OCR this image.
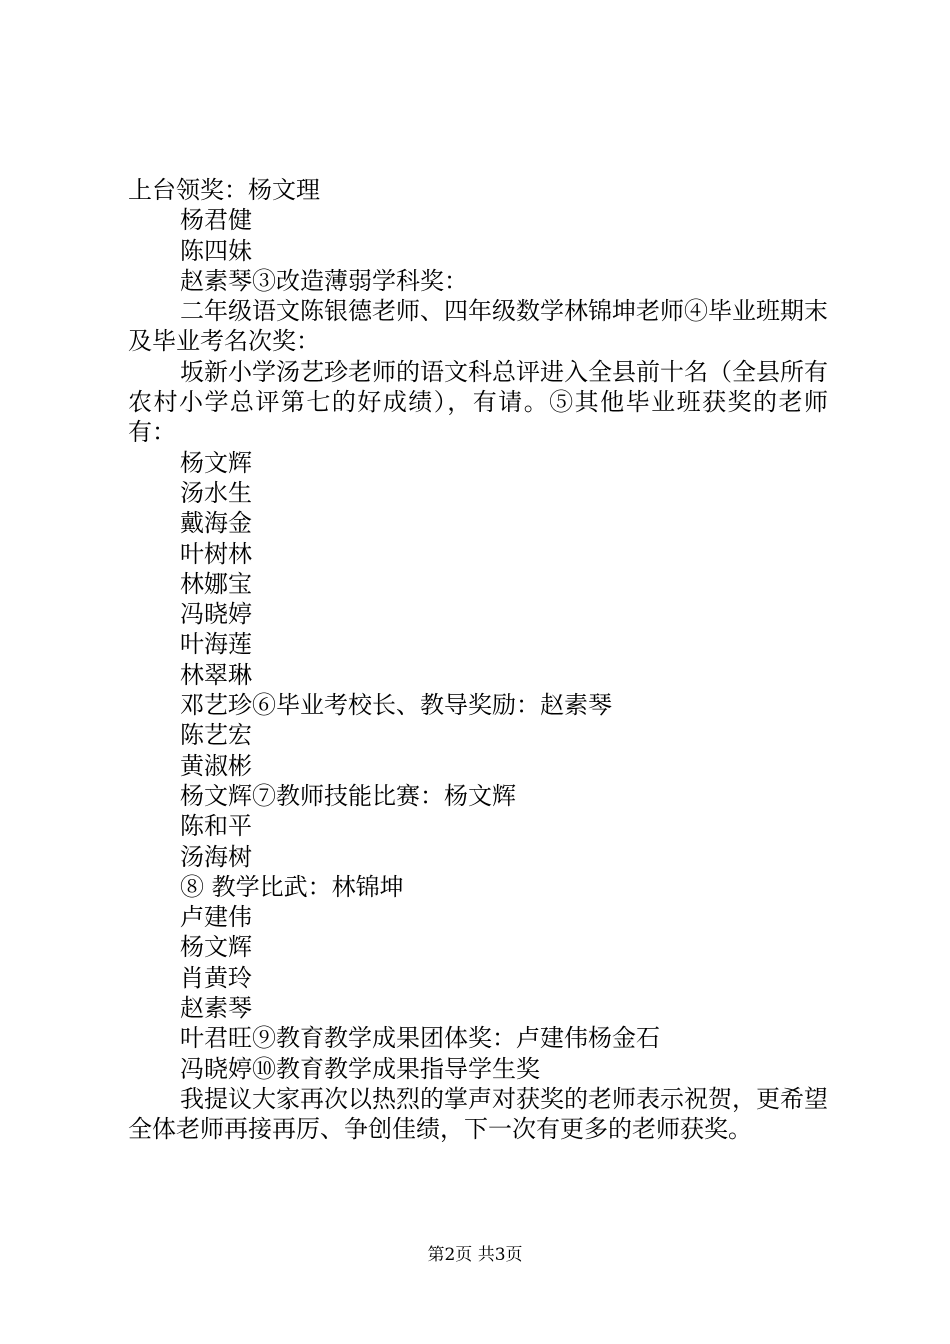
上台领奖：杨文理
杨君健
陈四妹
赵素琴③改造薄弱学科奖：
二年级语文陈银德老师、四年级数学林锦坤老师④毕业班期末及毕业考名次奖：
坂新小学汤艺珍老师的语文科总评进入全县前十名（全县所有农村小学总评第七的好成绩），有请。⑤其他毕业班获奖的老师有：
杨文辉
汤水生
戴海金
叶树林
林娜宝
冯晓婷
叶海莲
林翠琳
邓艺珍⑥毕业考校长、教导奖励：赵素琴
陈艺宏
黄淑彬
杨文辉⑦教师技能比赛：杨文辉
陈和平
汤海树
⑧ 教学比武：林锦坤
卢建伟
杨文辉
肖黄玲
赵素琴
叶君旺⑨教育教学成果团体奖：卢建伟杨金石
冯晓婷⑩教育教学成果指导学生奖
我提议大家再次以热烈的掌声对获奖的老师表示祝贺，更希望全体老师再接再厉、争创佳绩，下一次有更多的老师获奖。
第2页 共3页
